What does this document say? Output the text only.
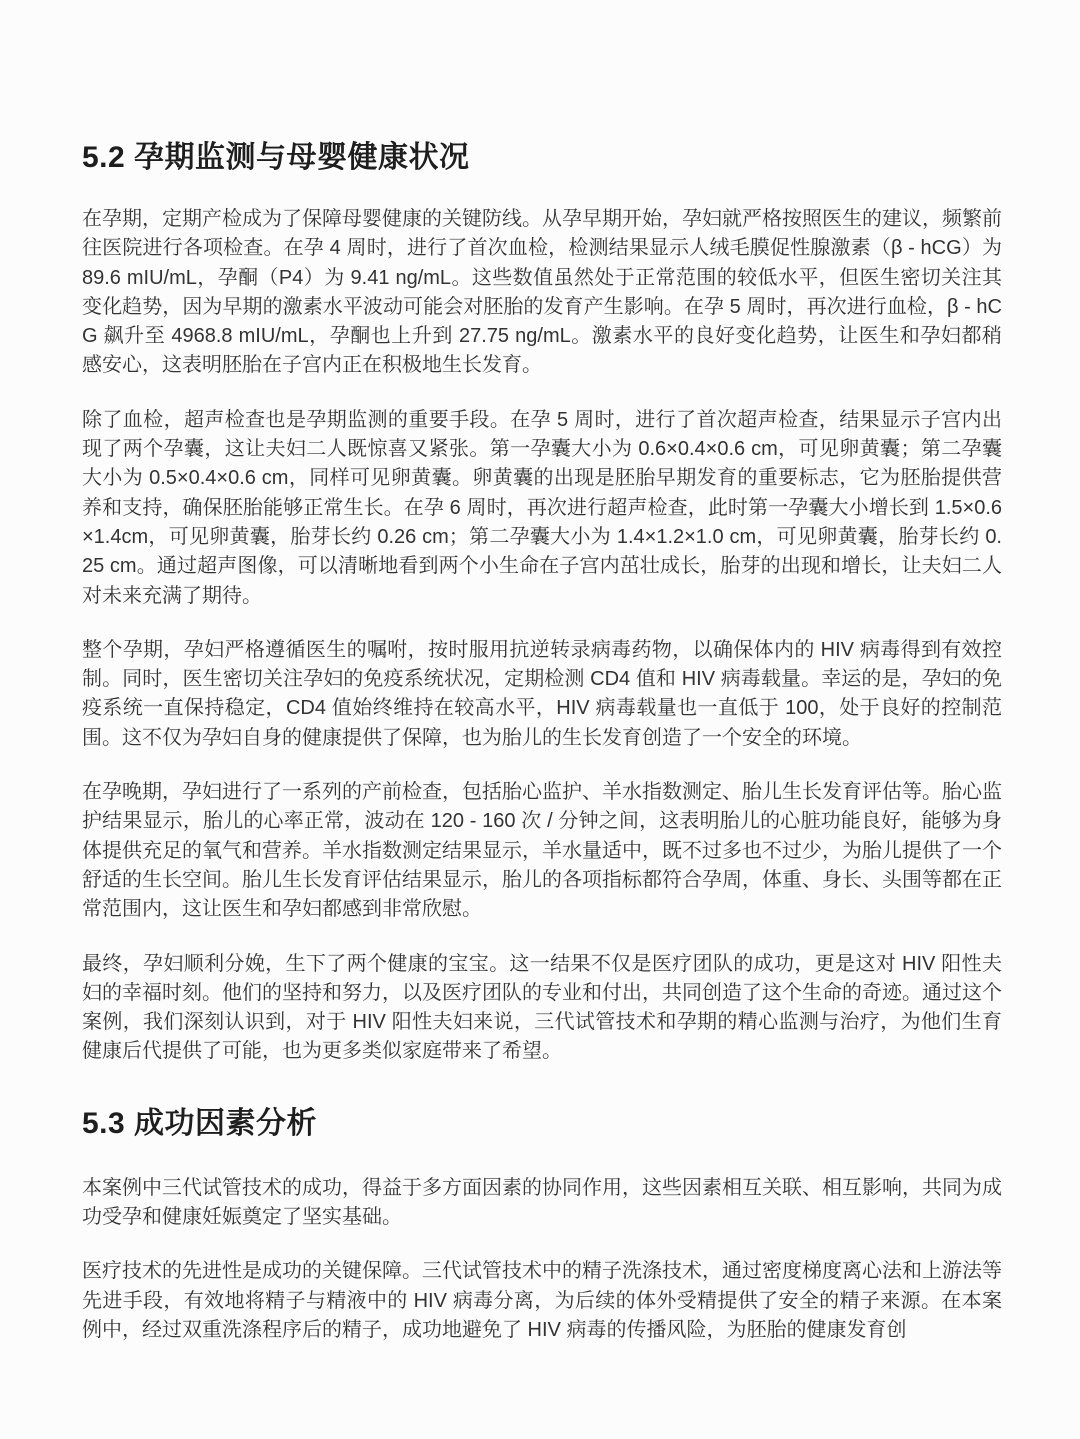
5.2 孕期监测与母婴健康状况

在孕期，定期产检成为了保障母婴健康的关键防线。从孕早期开始，孕妇就严格按照医生的建议，频繁前往医院进行各项检查。在孕 4 周时，进行了首次血检，检测结果显示人绒毛膜促性腺激素（β - hCG）为 89.6 mIU/mL，孕酮（P4）为 9.41 ng/mL。这些数值虽然处于正常范围的较低水平，但医生密切关注其变化趋势，因为早期的激素水平波动可能会对胚胎的发育产生影响。在孕 5 周时，再次进行血检，β - hCG 飙升至 4968.8 mIU/mL，孕酮也上升到 27.75 ng/mL。激素水平的良好变化趋势，让医生和孕妇都稍感安心，这表明胚胎在子宫内正在积极地生长发育。

除了血检，超声检查也是孕期监测的重要手段。在孕 5 周时，进行了首次超声检查，结果显示子宫内出现了两个孕囊，这让夫妇二人既惊喜又紧张。第一孕囊大小为 0.6×0.4×0.6 cm，可见卵黄囊；第二孕囊大小为 0.5×0.4×0.6 cm，同样可见卵黄囊。卵黄囊的出现是胚胎早期发育的重要标志，它为胚胎提供营养和支持，确保胚胎能够正常生长。在孕 6 周时，再次进行超声检查，此时第一孕囊大小增长到 1.5×0.6×1.4cm，可见卵黄囊，胎芽长约 0.26 cm；第二孕囊大小为 1.4×1.2×1.0 cm，可见卵黄囊，胎芽长约 0.25 cm。通过超声图像，可以清晰地看到两个小生命在子宫内茁壮成长，胎芽的出现和增长，让夫妇二人对未来充满了期待。

整个孕期，孕妇严格遵循医生的嘱咐，按时服用抗逆转录病毒药物，以确保体内的 HIV 病毒得到有效控制。同时，医生密切关注孕妇的免疫系统状况，定期检测 CD4 值和 HIV 病毒载量。幸运的是，孕妇的免疫系统一直保持稳定，CD4 值始终维持在较高水平，HIV 病毒载量也一直低于 100，处于良好的控制范围。这不仅为孕妇自身的健康提供了保障，也为胎儿的生长发育创造了一个安全的环境。

在孕晚期，孕妇进行了一系列的产前检查，包括胎心监护、羊水指数测定、胎儿生长发育评估等。胎心监护结果显示，胎儿的心率正常，波动在 120 - 160 次 / 分钟之间，这表明胎儿的心脏功能良好，能够为身体提供充足的氧气和营养。羊水指数测定结果显示，羊水量适中，既不过多也不过少，为胎儿提供了一个舒适的生长空间。胎儿生长发育评估结果显示，胎儿的各项指标都符合孕周，体重、身长、头围等都在正常范围内，这让医生和孕妇都感到非常欣慰。

最终，孕妇顺利分娩，生下了两个健康的宝宝。这一结果不仅是医疗团队的成功，更是这对 HIV 阳性夫妇的幸福时刻。他们的坚持和努力，以及医疗团队的专业和付出，共同创造了这个生命的奇迹。通过这个案例，我们深刻认识到，对于 HIV 阳性夫妇来说，三代试管技术和孕期的精心监测与治疗，为他们生育健康后代提供了可能，也为更多类似家庭带来了希望。

5.3 成功因素分析

本案例中三代试管技术的成功，得益于多方面因素的协同作用，这些因素相互关联、相互影响，共同为成功受孕和健康妊娠奠定了坚实基础。

医疗技术的先进性是成功的关键保障。三代试管技术中的精子洗涤技术，通过密度梯度离心法和上游法等先进手段，有效地将精子与精液中的 HIV 病毒分离，为后续的体外受精提供了安全的精子来源。在本案例中，经过双重洗涤程序后的精子，成功地避免了 HIV 病毒的传播风险，为胚胎的健康发育创
